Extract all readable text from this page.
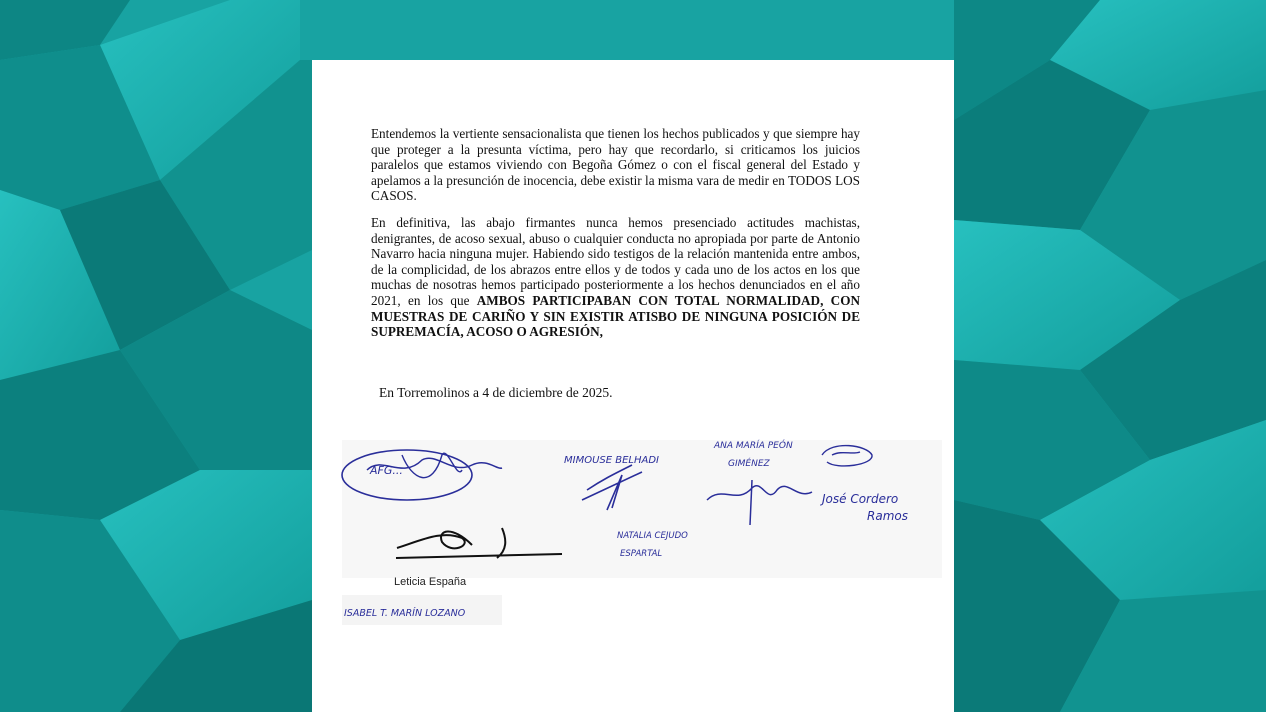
Entendemos la vertiente sensacionalista que tienen los hechos publicados y que siempre hay que proteger a la presunta víctima, pero hay que recordarlo, si criticamos los juicios paralelos que estamos viviendo con Begoña Gómez o con el fiscal general del Estado y apelamos a la presunción de inocencia, debe existir la misma vara de medir en TODOS LOS CASOS.

En definitiva, las abajo firmantes nunca hemos presenciado actitudes machistas, denigrantes, de acoso sexual, abuso o cualquier conducta no apropiada por parte de Antonio Navarro hacia ninguna mujer. Habiendo sido testigos de la relación mantenida entre ambos, de la complicidad, de los abrazos entre ellos y de todos y cada uno de los actos en los que muchas de nosotras hemos participado posteriormente a los hechos denunciados en el año 2021, en los que AMBOS PARTICIPABAN CON TOTAL NORMALIDAD, CON MUESTRAS DE CARIÑO Y SIN EXISTIR ATISBO DE NINGUNA POSICIÓN DE SUPREMACÍA, ACOSO O AGRESIÓN,

En Torremolinos a 4 de diciembre de 2025.
AFG...
MIMOUSE BELHADI
ANA MARÍA PEÓN
GIMÉNEZ
José Cordero
Ramos
NATALIA CEJUDO
ESPARTAL
ISABEL T. MARÍN LOZANO
Leticia España
